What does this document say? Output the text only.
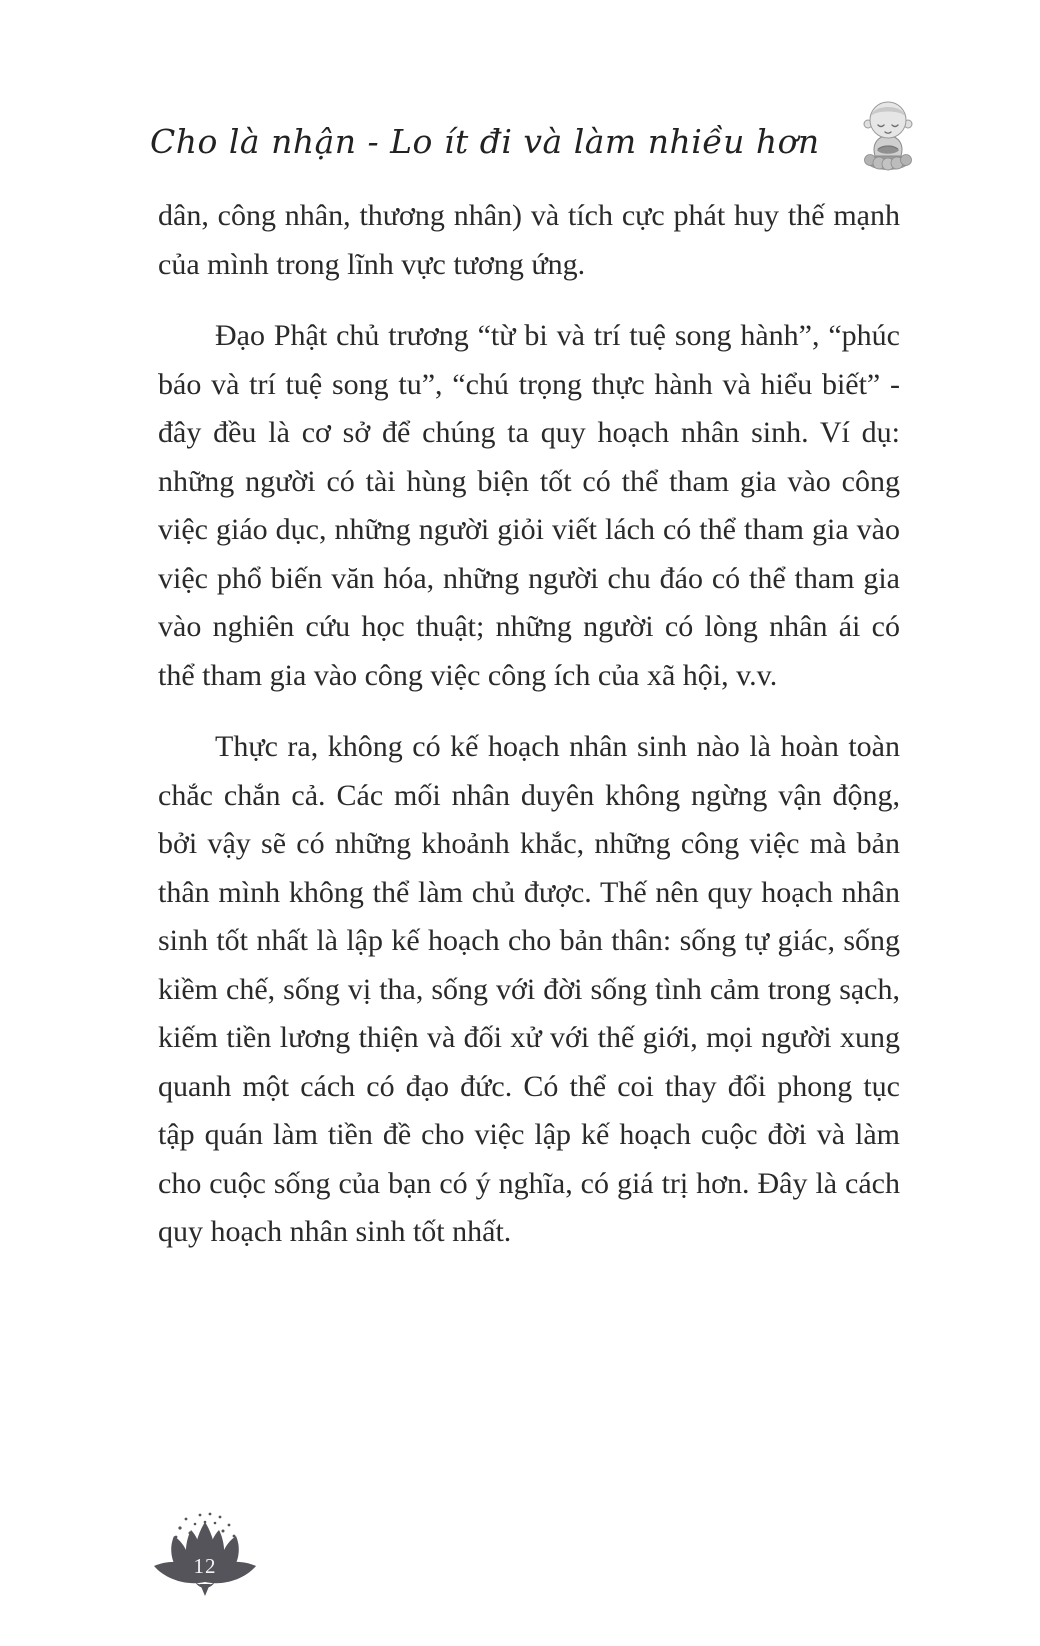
Cho là nhận - Lo ít đi và làm nhiều hơn

dân, công nhân, thương nhân) và tích cực phát huy thế mạnh của mình trong lĩnh vực tương ứng.

Đạo Phật chủ trương “từ bi và trí tuệ song hành”, “phúc báo và trí tuệ song tu”, “chú trọng thực hành và hiểu biết” - đây đều là cơ sở để chúng ta quy hoạch nhân sinh. Ví dụ: những người có tài hùng biện tốt có thể tham gia vào công việc giáo dục, những người giỏi viết lách có thể tham gia vào việc phổ biến văn hóa, những người chu đáo có thể tham gia vào nghiên cứu học thuật; những người có lòng nhân ái có thể tham gia vào công việc công ích của xã hội, v.v.

Thực ra, không có kế hoạch nhân sinh nào là hoàn toàn chắc chắn cả. Các mối nhân duyên không ngừng vận động, bởi vậy sẽ có những khoảnh khắc, những công việc mà bản thân mình không thể làm chủ được. Thế nên quy hoạch nhân sinh tốt nhất là lập kế hoạch cho bản thân: sống tự giác, sống kiềm chế, sống vị tha, sống với đời sống tình cảm trong sạch, kiếm tiền lương thiện và đối xử với thế giới, mọi người xung quanh một cách có đạo đức. Có thể coi thay đổi phong tục tập quán làm tiền đề cho việc lập kế hoạch cuộc đời và làm cho cuộc sống của bạn có ý nghĩa, có giá trị hơn. Đây là cách quy hoạch nhân sinh tốt nhất.

12
